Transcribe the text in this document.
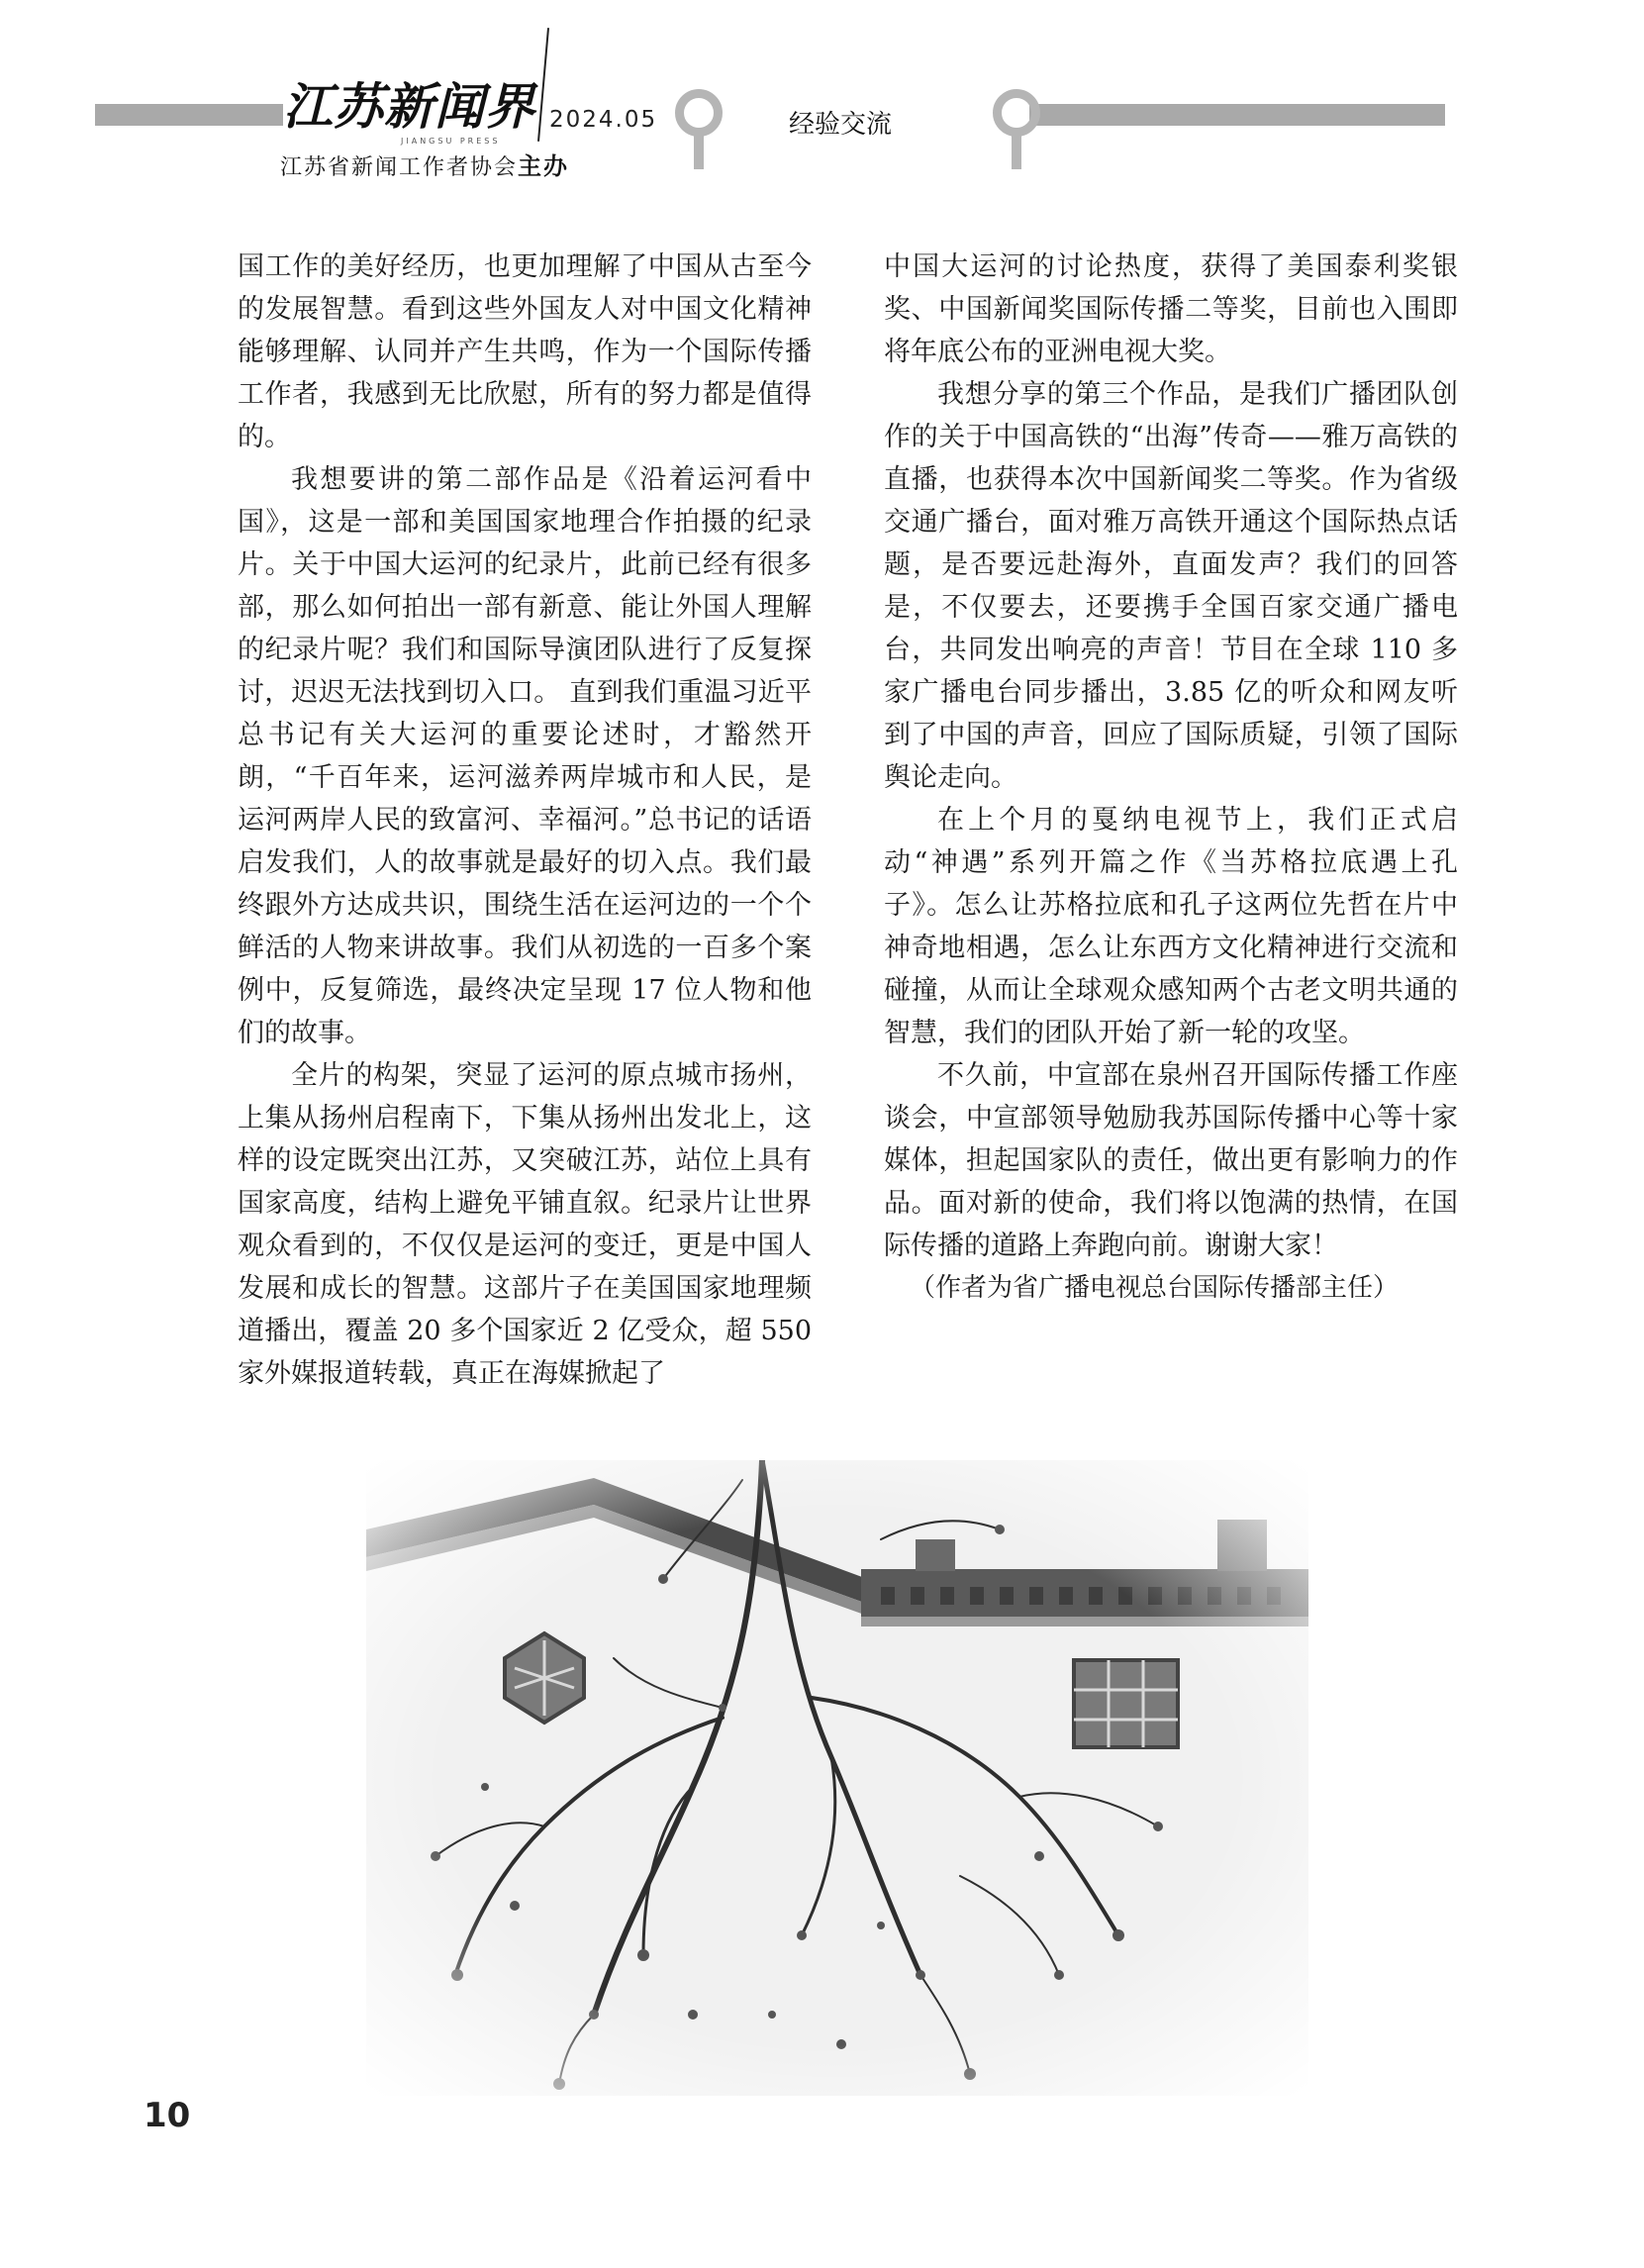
江苏新闻界

JIANGSU PRESS

2024.05

江苏省新闻工作者协会主办

经验交流

国工作的美好经历，也更加理解了中国从古至今的发展智慧。看到这些外国友人对中国文化精神能够理解、认同并产生共鸣，作为一个国际传播工作者，我感到无比欣慰，所有的努力都是值得的。

我想要讲的第二部作品是《沿着运河看中国》，这是一部和美国国家地理合作拍摄的纪录片。关于中国大运河的纪录片，此前已经有很多部，那么如何拍出一部有新意、能让外国人理解的纪录片呢？我们和国际导演团队进行了反复探讨，迟迟无法找到切入口。 直到我们重温习近平总书记有关大运河的重要论述时，才豁然开朗，“千百年来，运河滋养两岸城市和人民，是运河两岸人民的致富河、幸福河。”总书记的话语启发我们，人的故事就是最好的切入点。我们最终跟外方达成共识，围绕生活在运河边的一个个鲜活的人物来讲故事。我们从初选的一百多个案例中，反复筛选，最终决定呈现 17 位人物和他们的故事。

全片的构架，突显了运河的原点城市扬州，上集从扬州启程南下，下集从扬州出发北上，这样的设定既突出江苏，又突破江苏，站位上具有国家高度，结构上避免平铺直叙。纪录片让世界观众看到的，不仅仅是运河的变迁，更是中国人发展和成长的智慧。这部片子在美国国家地理频道播出，覆盖 20 多个国家近 2 亿受众，超 550 家外媒报道转载，真正在海媒掀起了

中国大运河的讨论热度，获得了美国泰利奖银奖、中国新闻奖国际传播二等奖，目前也入围即将年底公布的亚洲电视大奖。

我想分享的第三个作品，是我们广播团队创作的关于中国高铁的“出海”传奇——雅万高铁的直播，也获得本次中国新闻奖二等奖。作为省级交通广播台，面对雅万高铁开通这个国际热点话题，是否要远赴海外，直面发声？我们的回答是，不仅要去，还要携手全国百家交通广播电台，共同发出响亮的声音！节目在全球 110 多家广播电台同步播出，3.85 亿的听众和网友听到了中国的声音，回应了国际质疑，引领了国际舆论走向。

在上个月的戛纳电视节上，我们正式启动“神遇”系列开篇之作《当苏格拉底遇上孔子》。怎么让苏格拉底和孔子这两位先哲在片中神奇地相遇，怎么让东西方文化精神进行交流和碰撞，从而让全球观众感知两个古老文明共通的智慧，我们的团队开始了新一轮的攻坚。

不久前，中宣部在泉州召开国际传播工作座谈会，中宣部领导勉励我苏国际传播中心等十家媒体，担起国家队的责任，做出更有影响力的作品。面对新的使命，我们将以饱满的热情，在国际传播的道路上奔跑向前。谢谢大家！

（作者为省广播电视总台国际传播部主任）

10
